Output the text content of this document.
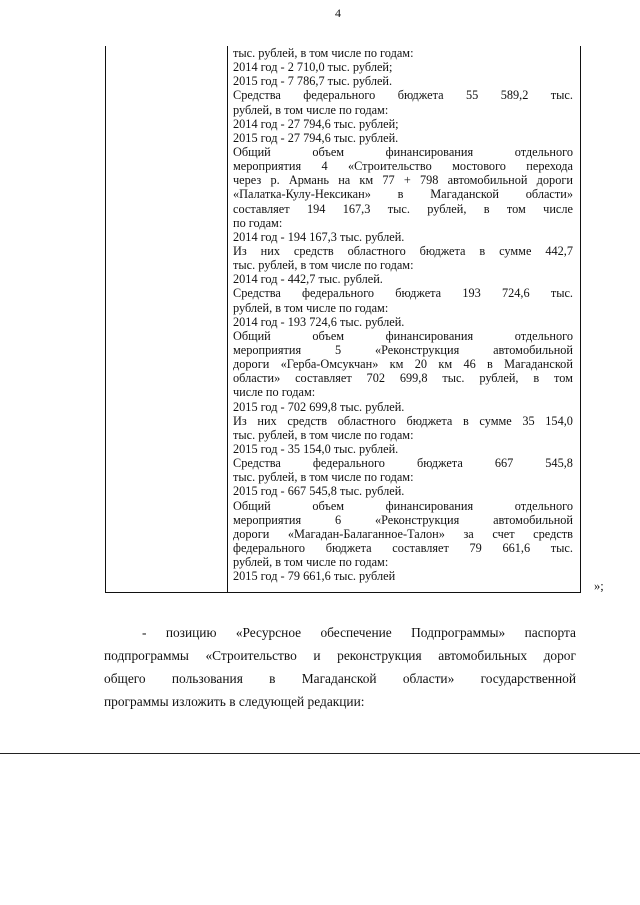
4
тыс. рублей, в том числе по годам:
2014 год - 2 710,0 тыс. рублей;
2015 год - 7 786,7 тыс. рублей.
Средства федерального бюджета 55 589,2 тыс.
рублей, в том числе по годам:
2014 год - 27 794,6 тыс. рублей;
2015 год - 27 794,6 тыс. рублей.
Общий	объем	финансирования	отдельного
мероприятия 4 «Строительство мостового перехода
через р. Армань на км 77 + 798 автомобильной дороги
«Палатка-Кулу-Нексикан» в Магаданской области»
составляет 194 167,3 тыс. рублей, в том числе
по годам:
2014 год - 194 167,3 тыс. рублей.
Из них средств областного бюджета в сумме 442,7
тыс. рублей, в том числе по годам:
2014 год - 442,7 тыс. рублей.
Средства федерального бюджета 193 724,6 тыс.
рублей, в том числе по годам:
2014 год - 193 724,6 тыс. рублей.
Общий	объем	финансирования	отдельного
мероприятия	5	«Реконструкция	автомобильной
дороги «Герба-Омсукчан» км 20 км 46 в Магаданской
области» составляет 702 699,8 тыс. рублей, в том
числе по годам:
2015 год - 702 699,8 тыс. рублей.
Из них средств областного бюджета в сумме 35 154,0
тыс. рублей, в том числе по годам:
2015 год - 35 154,0 тыс. рублей.
Средства	федерального	бюджета	667	545,8
тыс. рублей, в том числе по годам:
2015 год - 667 545,8 тыс. рублей.
Общий	объем	финансирования	отдельного
мероприятия	6	«Реконструкция	автомобильной
дороги «Магадан-Балаганное-Талон» за счет средств
федерального бюджета составляет 79 661,6 тыс.
рублей, в том числе по годам:
2015 год - 79 661,6 тыс. рублей
»;
- позицию «Ресурсное обеспечение Подпрограммы» паспорта
подпрограммы «Строительство и реконструкция автомобильных дорог
общего пользования в Магаданской области» государственной
программы изложить в следующей редакции:
